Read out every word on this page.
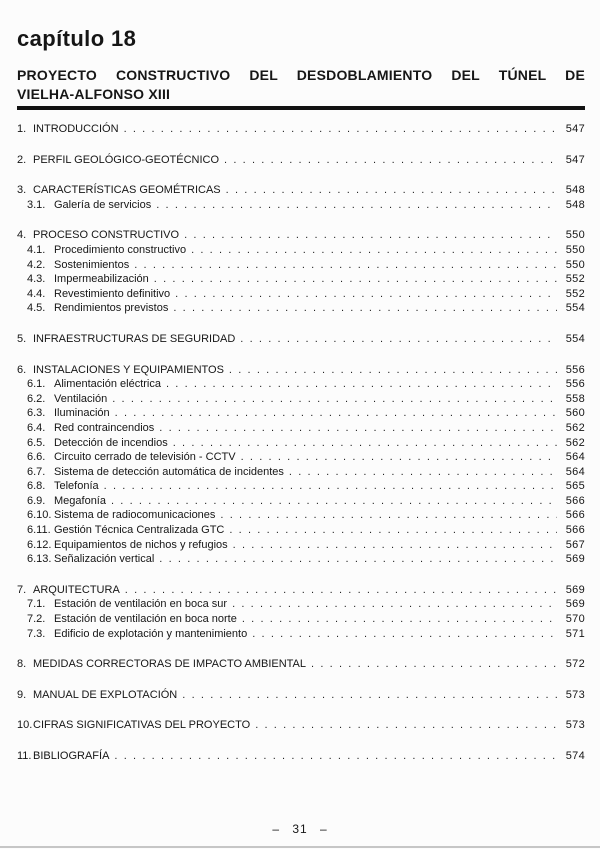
capítulo 18
PROYECTO CONSTRUCTIVO DEL DESDOBLAMIENTO DEL TÚNEL DE
VIELHA-ALFONSO XIII
1. INTRODUCCIÓN . . .	547
2. PERFIL GEOLÓGICO-GEOTÉCNICO . . .	547
3. CARACTERÍSTICAS GEOMÉTRICAS . . .	548
3.1. Galería de servicios . . .	548
4. PROCESO CONSTRUCTIVO . . .	550
4.1. Procedimiento constructivo . . .	550
4.2. Sostenimientos . . .	550
4.3. Impermeabilización . . .	552
4.4. Revestimiento definitivo . . .	552
4.5. Rendimientos previstos . . .	554
5. INFRAESTRUCTURAS DE SEGURIDAD . . .	554
6. INSTALACIONES Y EQUIPAMIENTOS . . .	556
6.1. Alimentación eléctrica . . .	556
6.2. Ventilación . . .	558
6.3. Iluminación . . .	560
6.4. Red contraincendios . . .	562
6.5. Detección de incendios . . .	562
6.6. Circuito cerrado de televisión - CCTV . . .	564
6.7. Sistema de detección automática de incidentes . . .	564
6.8. Telefonía . . .	565
6.9. Megafonía . . .	566
6.10. Sistema de radiocomunicaciones . . .	566
6.11. Gestión Técnica Centralizada GTC . . .	566
6.12. Equipamientos de nichos y refugios . . .	567
6.13. Señalización vertical . . .	569
7. ARQUITECTURA . . .	569
7.1. Estación de ventilación en boca sur . . .	569
7.2. Estación de ventilación en boca norte . . .	570
7.3. Edificio de explotación y mantenimiento . . .	571
8. MEDIDAS CORRECTORAS DE IMPACTO AMBIENTAL . . .	572
9. MANUAL DE EXPLOTACIÓN . . .	573
10. CIFRAS SIGNIFICATIVAS DEL PROYECTO . . .	573
11. BIBLIOGRAFÍA . . .	574
– 31 –
